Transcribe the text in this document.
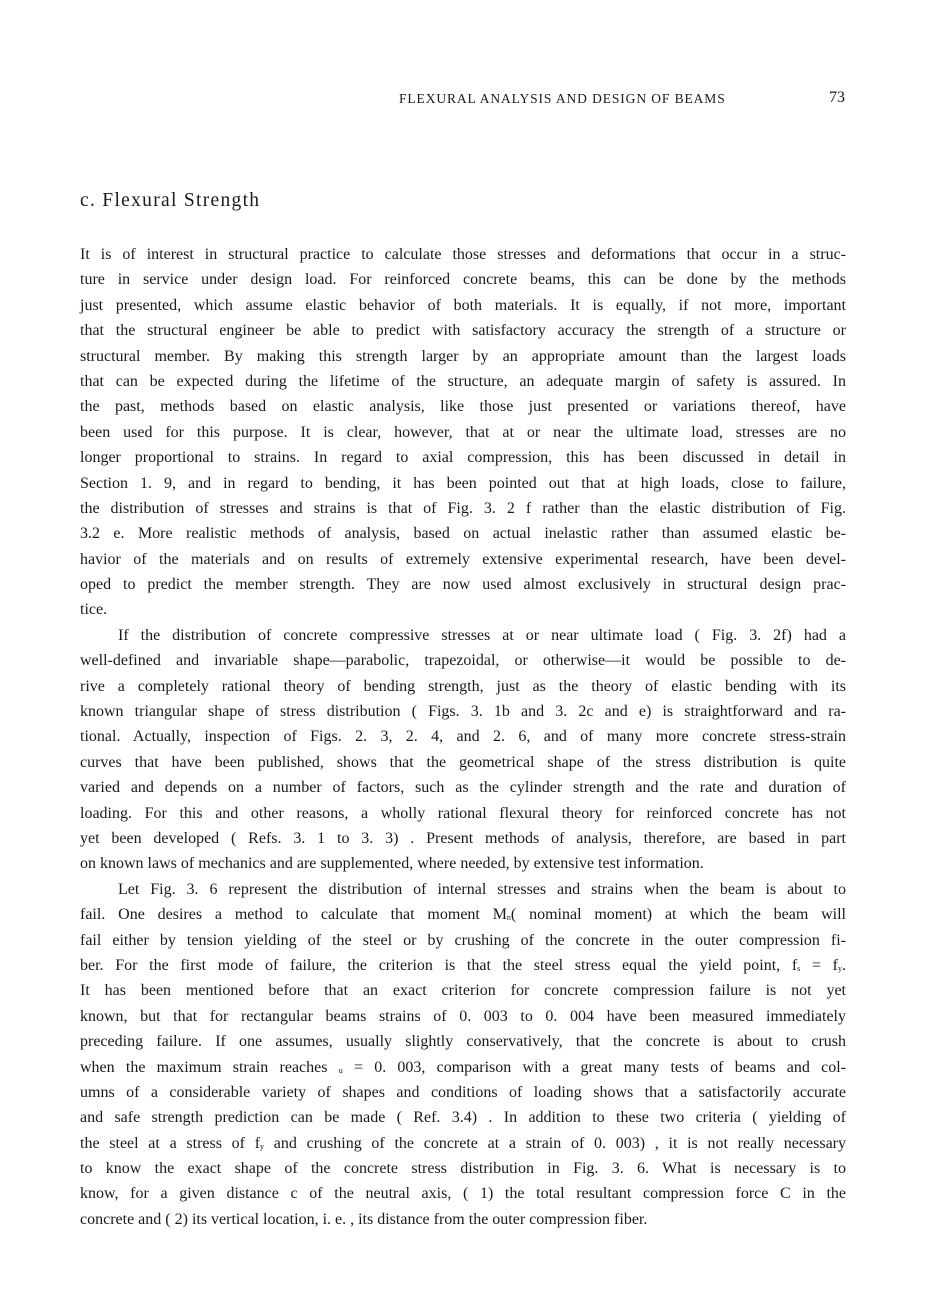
FLEXURAL ANALYSIS AND DESIGN OF BEAMS	73
c. Flexural Strength
It is of interest in structural practice to calculate those stresses and deformations that occur in a struc-
ture in service under design load. For reinforced concrete beams, this can be done by the methods
just presented, which assume elastic behavior of both materials. It is equally, if not more, important
that the structural engineer be able to predict with satisfactory accuracy the strength of a structure or
structural member. By making this strength larger by an appropriate amount than the largest loads
that can be expected during the lifetime of the structure, an adequate margin of safety is assured. In
the past, methods based on elastic analysis, like those just presented or variations thereof, have
been used for this purpose. It is clear, however, that at or near the ultimate load, stresses are no
longer proportional to strains. In regard to axial compression, this has been discussed in detail in
Section 1. 9, and in regard to bending, it has been pointed out that at high loads, close to failure,
the distribution of stresses and strains is that of Fig. 3. 2 f rather than the elastic distribution of Fig.
3.2 e. More realistic methods of analysis, based on actual inelastic rather than assumed elastic be-
havior of the materials and on results of extremely extensive experimental research, have been devel-
oped to predict the member strength. They are now used almost exclusively in structural design prac-
tice.
If the distribution of concrete compressive stresses at or near ultimate load ( Fig. 3. 2f) had a
well-defined and invariable shape—parabolic, trapezoidal, or otherwise—it would be possible to de-
rive a completely rational theory of bending strength, just as the theory of elastic bending with its
known triangular shape of stress distribution ( Figs. 3. 1b and 3. 2c and e) is straightforward and ra-
tional. Actually, inspection of Figs. 2. 3, 2. 4, and 2. 6, and of many more concrete stress-strain
curves that have been published, shows that the geometrical shape of the stress distribution is quite
varied and depends on a number of factors, such as the cylinder strength and the rate and duration of
loading. For this and other reasons, a wholly rational flexural theory for reinforced concrete has not
yet been developed ( Refs. 3. 1 to 3. 3) . Present methods of analysis, therefore, are based in part
on known laws of mechanics and are supplemented, where needed, by extensive test information.
Let Fig. 3. 6 represent the distribution of internal stresses and strains when the beam is about to
fail. One desires a method to calculate that moment $M_n$( nominal moment) at which the beam will
fail either by tension yielding of the steel or by crushing of the concrete in the outer compression fi-
ber. For the first mode of failure, the criterion is that the steel stress equal the yield point, $f_s = f_y$.
It has been mentioned before that an exact criterion for concrete compression failure is not yet
known, but that for rectangular beams strains of 0. 003 to 0. 004 have been measured immediately
preceding failure. If one assumes, usually slightly conservatively, that the concrete is about to crush
when the maximum strain reaches $_u$ = 0. 003, comparison with a great many tests of beams and col-
umns of a considerable variety of shapes and conditions of loading shows that a satisfactorily accurate
and safe strength prediction can be made ( Ref. 3.4) . In addition to these two criteria ( yielding of
the steel at a stress of $f_y$ and crushing of the concrete at a strain of 0. 003) , it is not really necessary
to know the exact shape of the concrete stress distribution in Fig. 3. 6. What is necessary is to
know, for a given distance c of the neutral axis, ( 1) the total resultant compression force C in the
concrete and ( 2) its vertical location, i. e. , its distance from the outer compression fiber.
